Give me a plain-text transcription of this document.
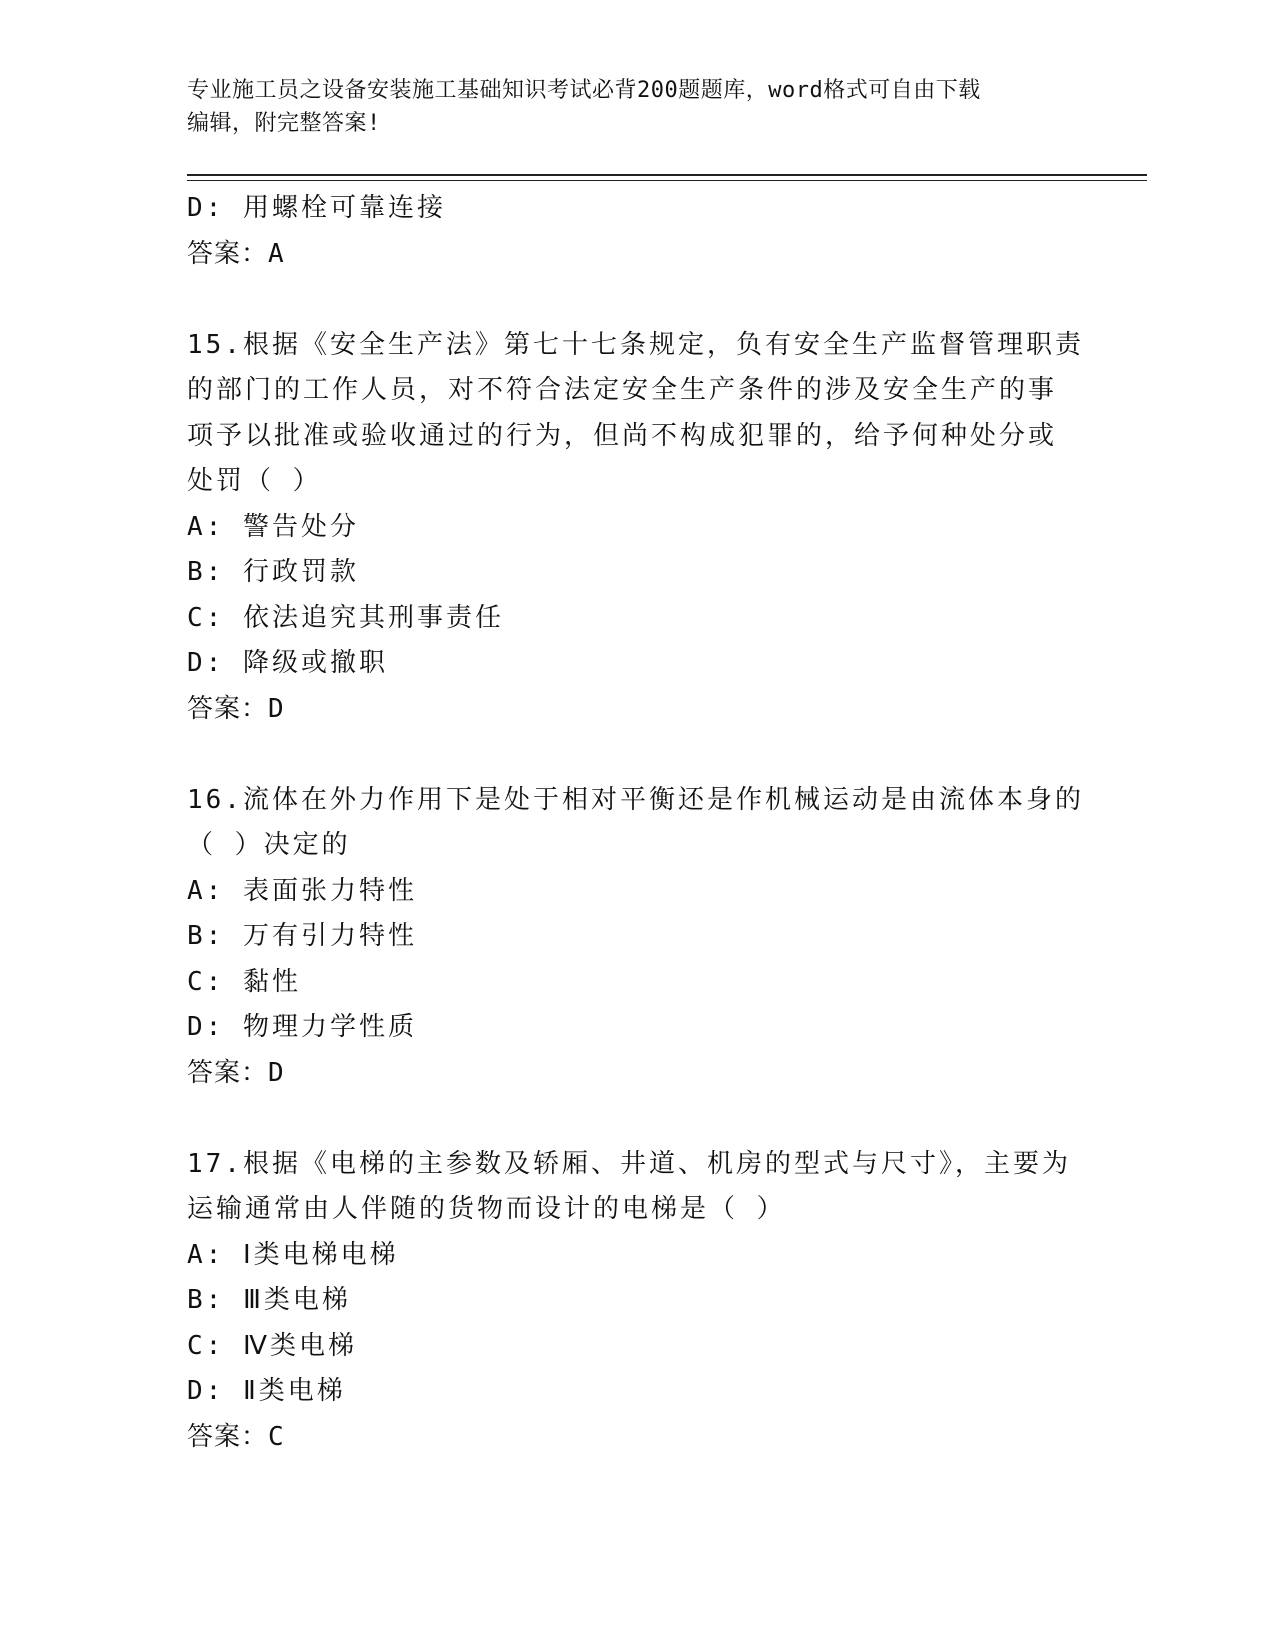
专业施工员之设备安装施工基础知识考试必背200题题库，word格式可自由下载
编辑，附完整答案!
D: 用螺栓可靠连接
答案：A
15.根据《安全生产法》第七十七条规定，负有安全生产监督管理职责
的部门的工作人员，对不符合法定安全生产条件的涉及安全生产的事
项予以批准或验收通过的行为，但尚不构成犯罪的，给予何种处分或
处罚（ ）
A: 警告处分
B: 行政罚款
C: 依法追究其刑事责任
D: 降级或撤职
答案：D
16.流体在外力作用下是处于相对平衡还是作机械运动是由流体本身的
（ ）决定的
A: 表面张力特性
B: 万有引力特性
C: 黏性
D: 物理力学性质
答案：D
17.根据《电梯的主参数及轿厢、井道、机房的型式与尺寸》，主要为
运输通常由人伴随的货物而设计的电梯是（ ）
A: Ⅰ类电梯电梯
B: Ⅲ类电梯
C: Ⅳ类电梯
D: Ⅱ类电梯
答案：C
